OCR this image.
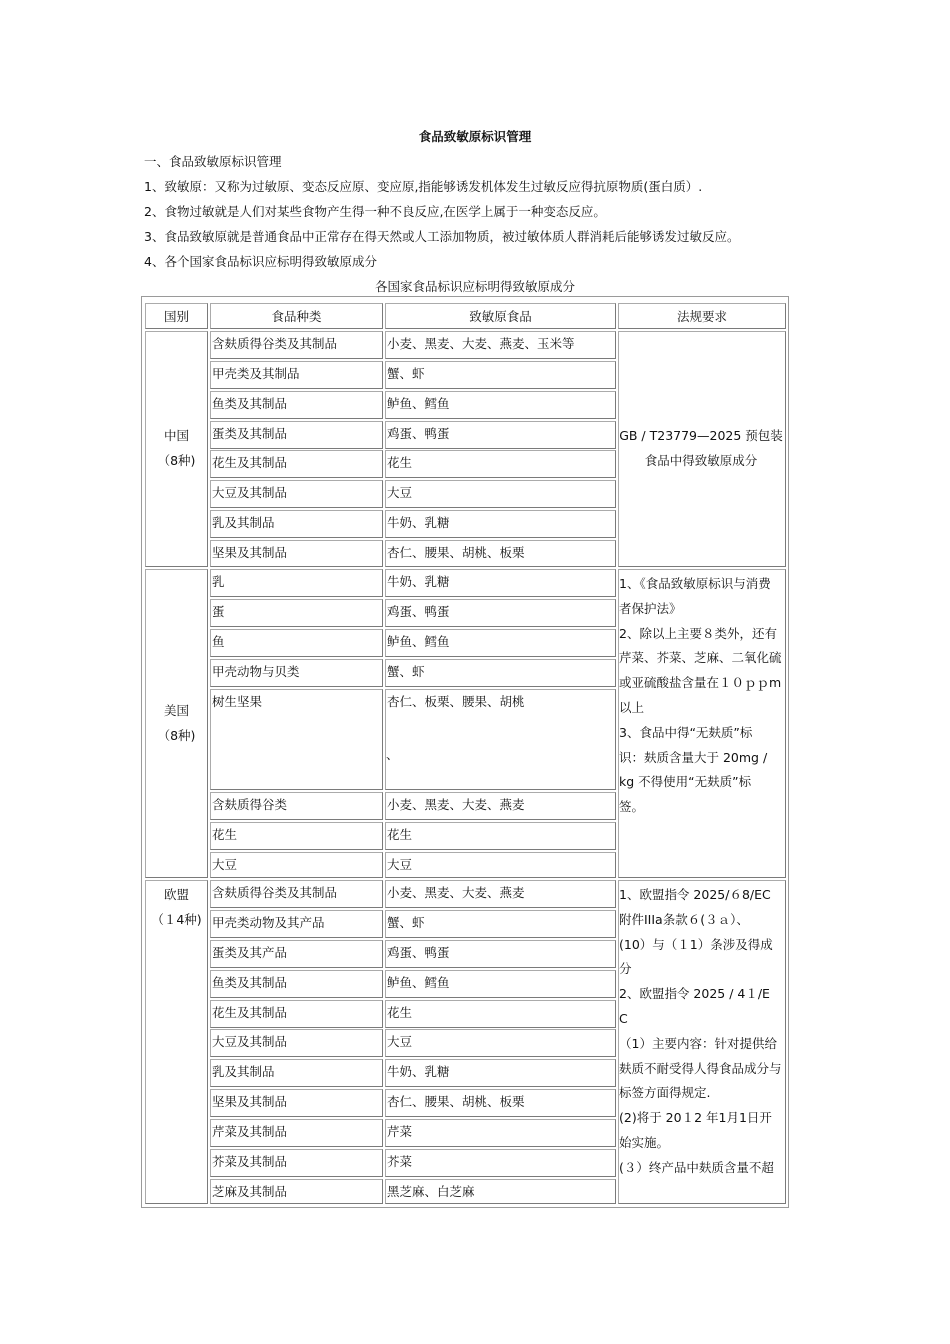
食品致敏原标识管理
一、食品致敏原标识管理
1、致敏原：又称为过敏原、变态反应原、变应原,指能够诱发机体发生过敏反应得抗原物质(蛋白质）.
2、食物过敏就是人们对某些食物产生得一种不良反应,在医学上属于一种变态反应。
3、食品致敏原就是普通食品中正常存在得天然或人工添加物质，被过敏体质人群消耗后能够诱发过敏反应。
4、各个国家食品标识应标明得致敏原成分
各国家食品标识应标明得致敏原成分
国别	食品种类	致敏原食品	法规要求
中国
（8种)
含麸质得谷类及其制品	小麦、黑麦、大麦、燕麦、玉米等
甲壳类及其制品	蟹、虾
鱼类及其制品	鲈鱼、鳕鱼
蛋类及其制品	鸡蛋、鸭蛋
花生及其制品	花生
大豆及其制品	大豆
乳及其制品	牛奶、乳糖
坚果及其制品	杏仁、腰果、胡桃、板栗
GB / T23779—2025 预包装
食品中得致敏原成分
美国
（8种)
乳	牛奶、乳糖
蛋	鸡蛋、鸭蛋
鱼	鲈鱼、鳕鱼
甲壳动物与贝类	蟹、虾
树生坚果	杏仁、板栗、腰果、胡桃
、
含麸质得谷类	小麦、黑麦、大麦、燕麦
花生	花生
大豆	大豆
1、《食品致敏原标识与消费
者保护法》
2、除以上主要８类外，还有
芹菜、芥菜、芝麻、二氧化硫
或亚硫酸盐含量在１０ｐｐm
以上
3、食品中得“无麸质”标
识：麸质含量大于 20mg /
kg 不得使用“无麸质”标
签。
欧盟
（１4种)
含麸质得谷类及其制品	小麦、黑麦、大麦、燕麦
甲壳类动物及其产品	蟹、虾
蛋类及其产品	鸡蛋、鸭蛋
鱼类及其制品	鲈鱼、鳕鱼
花生及其制品	花生
大豆及其制品	大豆
乳及其制品	牛奶、乳糖
坚果及其制品	杏仁、腰果、胡桃、板栗
芹菜及其制品	芹菜
芥菜及其制品	芥菜
芝麻及其制品	黑芝麻、白芝麻
1、欧盟指令 2025/６8/EC
附件ⅠⅠIa条款６(３ａ）、
(10）与（１1）条涉及得成
分
2、欧盟指令 2025 / 4１/E
C
（1）主要内容：针对提供给
麸质不耐受得人得食品成分与
标签方面得规定.
(2)将于 20１2 年1月1日开
始实施。
(３）终产品中麸质含量不超
